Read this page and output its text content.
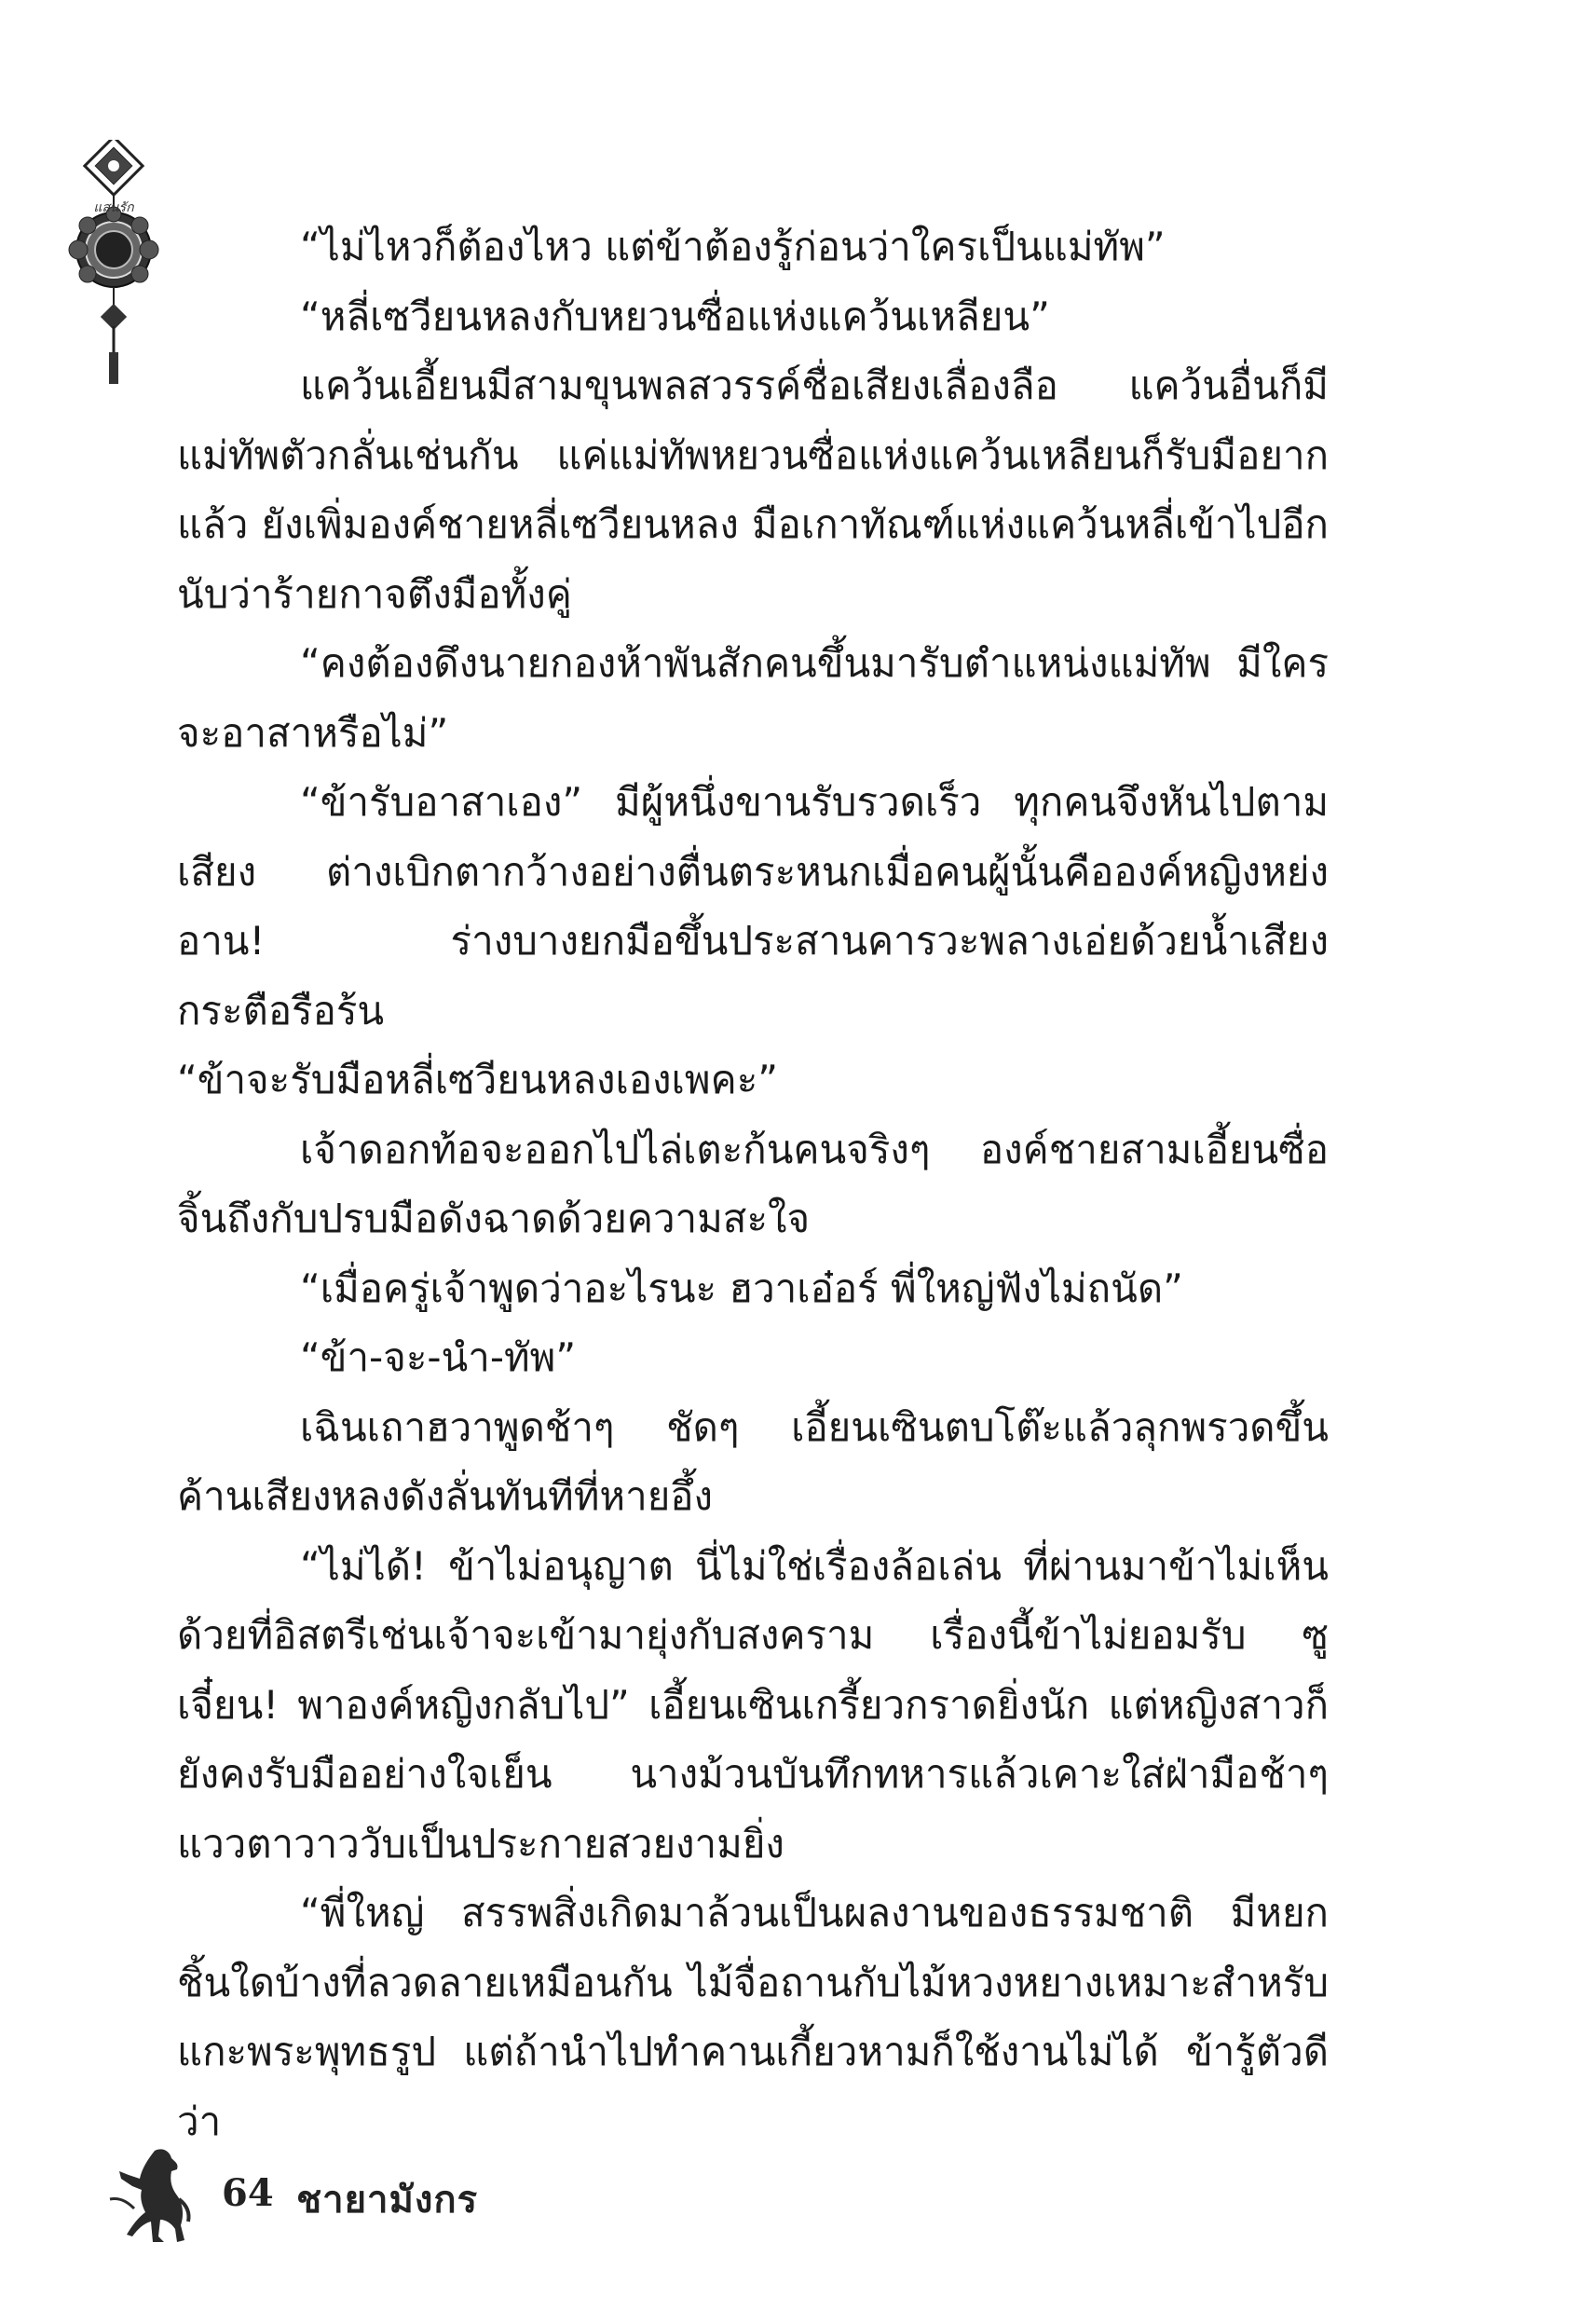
แสนรัก

“ไม่ไหวก็ต้องไหว แต่ข้าต้องรู้ก่อนว่าใครเป็นแม่ทัพ”

“หลี่เซวียนหลงกับหยวนซื่อแห่งแคว้นเหลียน”

แคว้นเอี้ยนมีสามขุนพลสวรรค์ชื่อเสียงเลื่องลือ แคว้นอื่นก็มีแม่ทัพตัวกลั่นเช่นกัน แค่แม่ทัพหยวนซื่อแห่งแคว้นเหลียนก็รับมือยากแล้ว ยังเพิ่มองค์ชายหลี่เซวียนหลง มือเกาทัณฑ์แห่งแคว้นหลี่เข้าไปอีก นับว่าร้ายกาจตึงมือทั้งคู่

“คงต้องดึงนายกองห้าพันสักคนขึ้นมารับตำแหน่งแม่ทัพ มีใครจะอาสาหรือไม่”

“ข้ารับอาสาเอง” มีผู้หนึ่งขานรับรวดเร็ว ทุกคนจึงหันไปตามเสียง ต่างเบิกตากว้างอย่างตื่นตระหนกเมื่อคนผู้นั้นคือองค์หญิงหย่งอาน! ร่างบางยกมือขึ้นประสานคารวะพลางเอ่ยด้วยน้ำเสียงกระตือรือร้น

“ข้าจะรับมือหลี่เซวียนหลงเองเพคะ”

เจ้าดอกท้อจะออกไปไล่เตะก้นคนจริงๆ องค์ชายสามเอี้ยนซื่อจิ้นถึงกับปรบมือดังฉาดด้วยความสะใจ

“เมื่อครู่เจ้าพูดว่าอะไรนะ ฮวาเอ๋อร์ พี่ใหญ่ฟังไม่ถนัด”

“ข้า-จะ-นำ-ทัพ”

เฉินเถาฮวาพูดช้าๆ ชัดๆ เอี้ยนเซินตบโต๊ะแล้วลุกพรวดขึ้น ค้านเสียงหลงดังลั่นทันทีที่หายอึ้ง

“ไม่ได้! ข้าไม่อนุญาต นี่ไม่ใช่เรื่องล้อเล่น ที่ผ่านมาข้าไม่เห็นด้วยที่อิสตรีเช่นเจ้าจะเข้ามายุ่งกับสงคราม เรื่องนี้ข้าไม่ยอมรับ ซูเจี๋ยน! พาองค์หญิงกลับไป” เอี้ยนเซินเกรี้ยวกราดยิ่งนัก แต่หญิงสาวก็ยังคงรับมืออย่างใจเย็น นางม้วนบันทึกทหารแล้วเคาะใส่ฝ่ามือช้าๆ แววตาวาววับเป็นประกายสวยงามยิ่ง

“พี่ใหญ่ สรรพสิ่งเกิดมาล้วนเป็นผลงานของธรรมชาติ มีหยกชิ้นใดบ้างที่ลวดลายเหมือนกัน ไม้จื่อถานกับไม้หวงหยางเหมาะสำหรับแกะพระพุทธรูป แต่ถ้านำไปทำคานเกี้ยวหามก็ใช้งานไม่ได้ ข้ารู้ตัวดีว่า

64 ชายามังกร
